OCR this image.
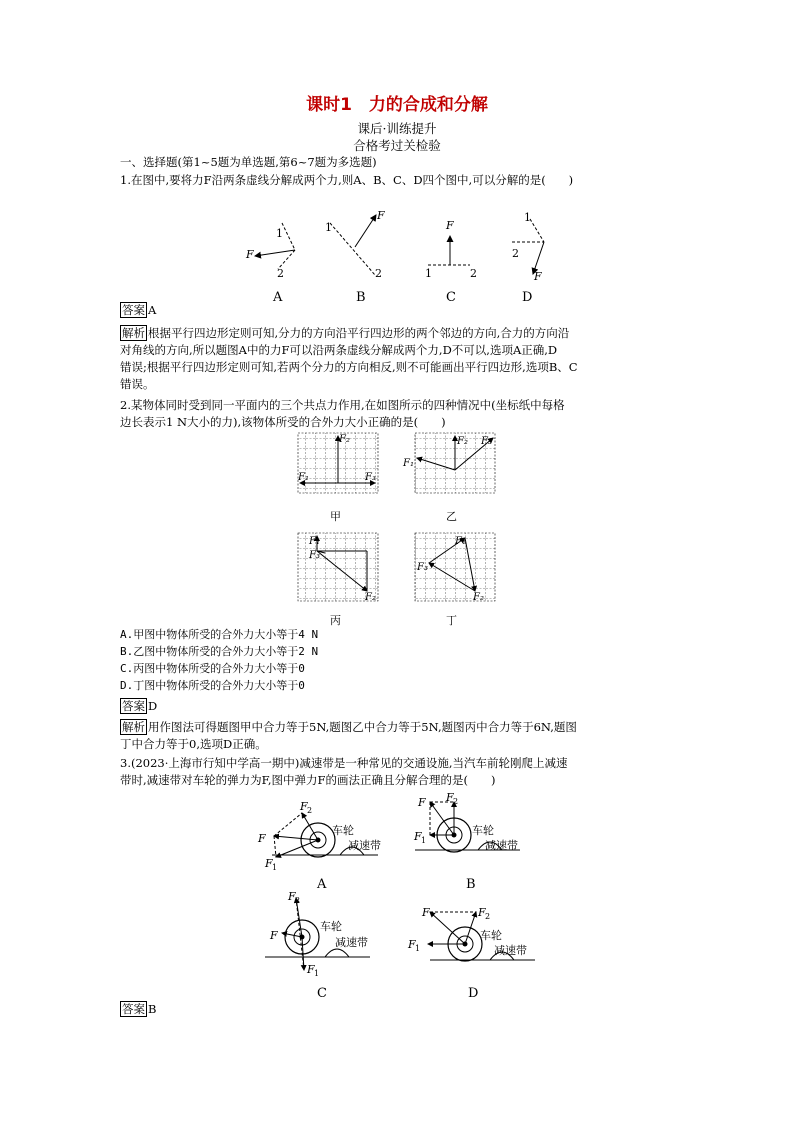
课时1　力的合成和分解
课后·训练提升
合格考过关检验
一、选择题(第1~5题为单选题,第6~7题为多选题)
1.在图中,要将力F沿两条虚线分解成两个力,则A、B、C、D四个图中,可以分解的是(　　)
1
F
2
A
1
F
2
B
F
1	2
C
1
2
F
D
答案 A
解析 根据平行四边形定则可知,分力的方向沿平行四边形的两个邻边的方向,合力的方向沿
对角线的方向,所以题图A中的力F可以沿两条虚线分解成两个力,D不可以,选项A正确,D
错误;根据平行四边形定则可知,若两个分力的方向相反,则不可能画出平行四边形,选项B、C
错误。
2.某物体同时受到同一平面内的三个共点力作用,在如图所示的四种情况中(坐标纸中每格
边长表示1 N大小的力),该物体所受的合外力大小正确的是(　　)
F₂
F₁	F₃
甲
F₂
F₁
F₃
乙
F₁
F₃
F₂
丙
F₁
F₃
F₂
丁
A.甲图中物体所受的合外力大小等于4 N
B.乙图中物体所受的合外力大小等于2 N
C.丙图中物体所受的合外力大小等于0
D.丁图中物体所受的合外力大小等于0
答案 D
解析 用作图法可得题图甲中合力等于5N,题图乙中合力等于5N,题图丙中合力等于6N,题图
丁中合力等于0,选项D正确。
3.(2023·上海市行知中学高一期中)减速带是一种常见的交通设施,当汽车前轮刚爬上减速
带时,减速带对车轮的弹力为F,图中弹力F的画法正确且分解合理的是(　　)
F 2
F
F 1
车轮
减速带
A
F F 2
F 1
车轮
减速带
B
F 2
F
F 1
车轮
减速带
C
F	F 2
F 1
车轮
减速带
D
答案 B
